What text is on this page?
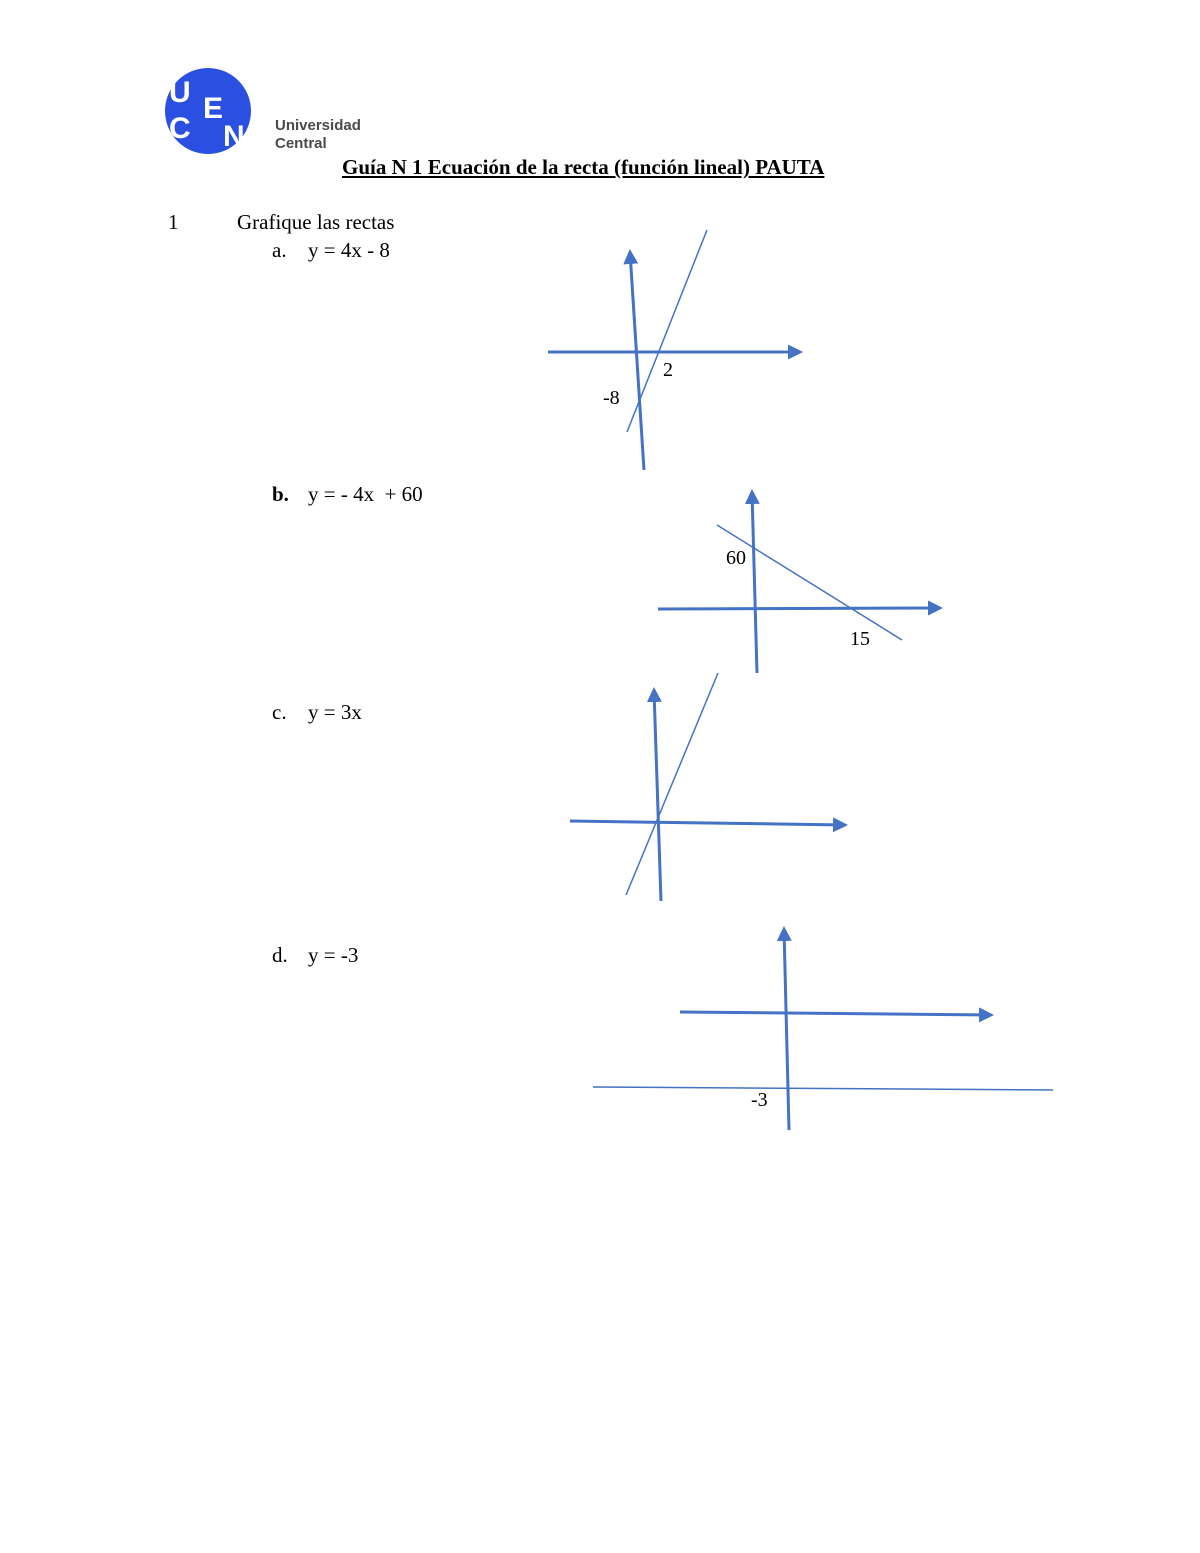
U
C
E
N Universidad
Central
Guía N 1 Ecuación de la recta (función lineal) PAUTA
1	Grafique las rectas
a. y = 4x - 8
b. y = - 4x  + 60
c. y = 3x
d. y = -3
2
-8
60
15
-3
